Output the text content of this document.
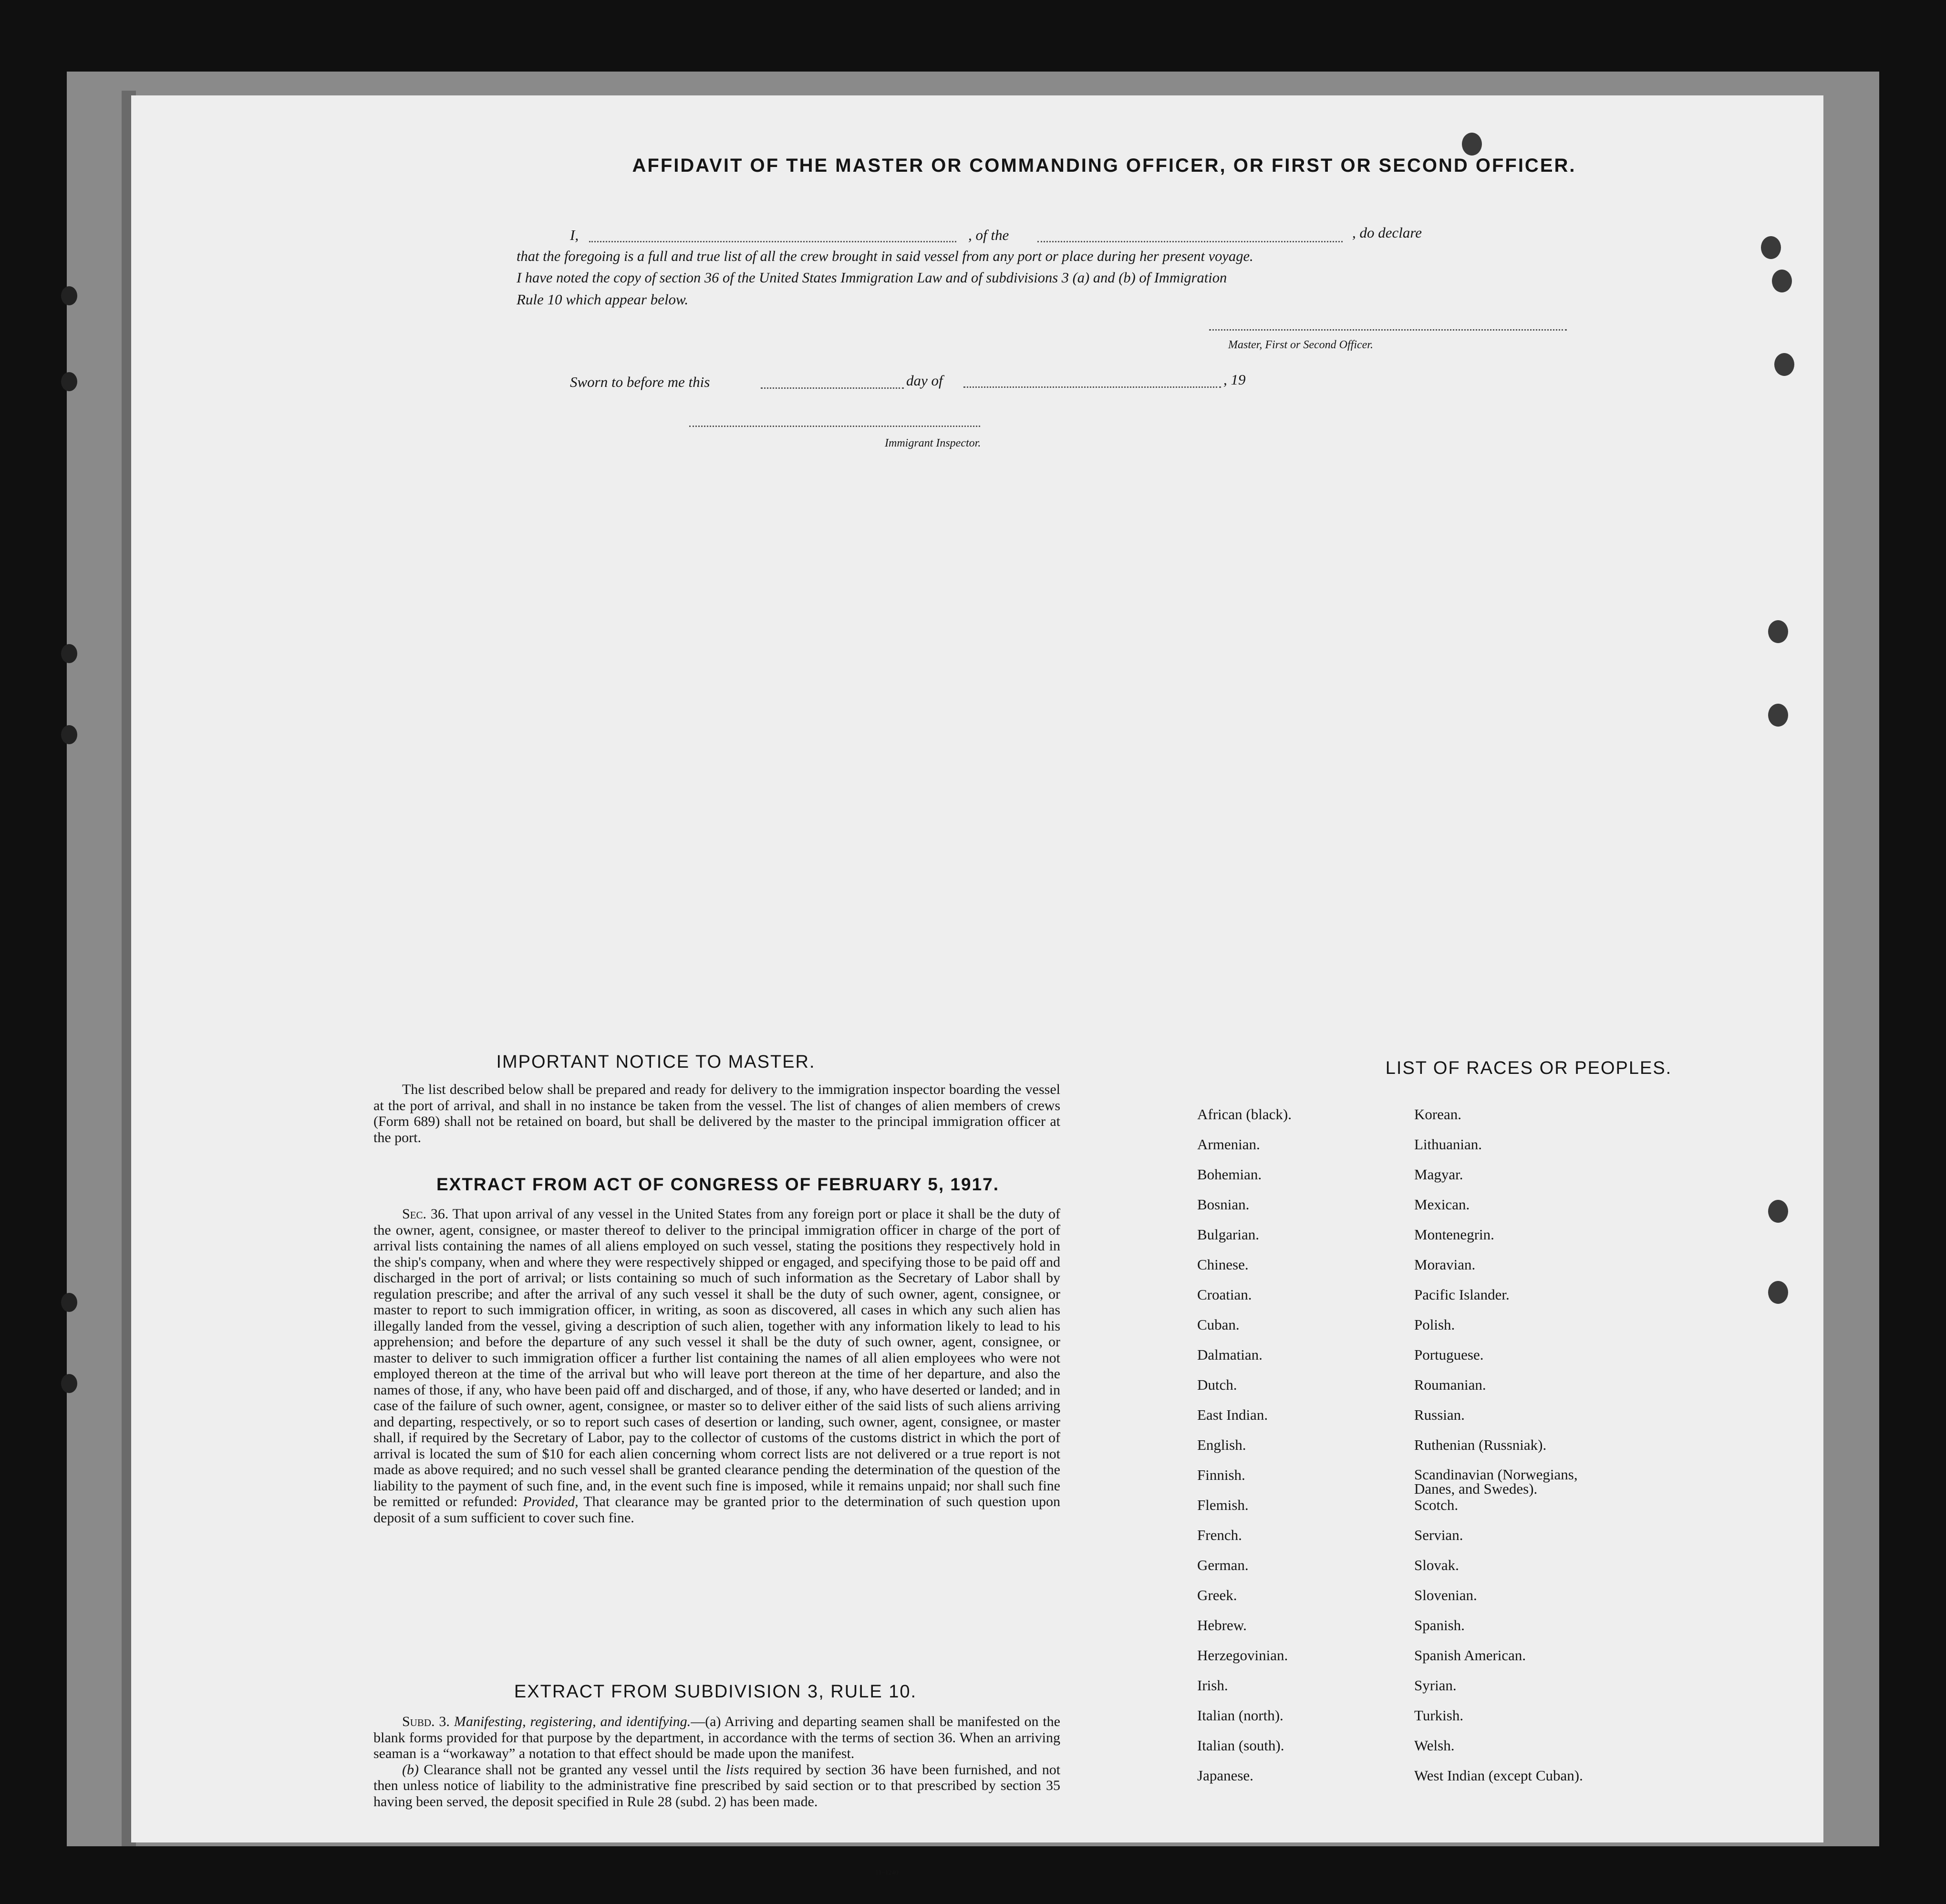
AFFIDAVIT OF THE MASTER OR COMMANDING OFFICER, OR FIRST OR SECOND OFFICER.
I,	, of the	, do declare
that the foregoing is a full and true list of all the crew brought in said vessel from any port or place during her present voyage.
I have noted the copy of section 36 of the United States Immigration Law and of subdivisions 3 (a) and (b) of Immigration
Rule 10 which appear below.
Master, First or Second Officer.
Sworn to before me this	day of	, 19
Immigrant Inspector.
IMPORTANT NOTICE TO MASTER.

The list described below shall be prepared and ready for delivery to the immigration inspector boarding the vessel at the port of arrival, and shall in no instance be taken from the vessel. The list of changes of alien members of crews (Form 689) shall not be retained on board, but shall be delivered by the master to the principal immigration officer at the port.

EXTRACT FROM ACT OF CONGRESS OF FEBRUARY 5, 1917.

Sec. 36. That upon arrival of any vessel in the United States from any foreign port or place it shall be the duty of the owner, agent, consignee, or master thereof to deliver to the principal immigration officer in charge of the port of arrival lists containing the names of all aliens employed on such vessel, stating the positions they respectively hold in the ship's company, when and where they were respectively shipped or engaged, and specifying those to be paid off and discharged in the port of arrival; or lists containing so much of such information as the Secretary of Labor shall by regulation prescribe; and after the arrival of any such vessel it shall be the duty of such owner, agent, consignee, or master to report to such immigration officer, in writing, as soon as discovered, all cases in which any such alien has illegally landed from the vessel, giving a description of such alien, together with any information likely to lead to his apprehension; and before the departure of any such vessel it shall be the duty of such owner, agent, consignee, or master to deliver to such immigration officer a further list containing the names of all alien employees who were not employed thereon at the time of the arrival but who will leave port thereon at the time of her departure, and also the names of those, if any, who have been paid off and discharged, and of those, if any, who have deserted or landed; and in case of the failure of such owner, agent, consignee, or master so to deliver either of the said lists of such aliens arriving and departing, respectively, or so to report such cases of desertion or landing, such owner, agent, consignee, or master shall, if required by the Secretary of Labor, pay to the collector of customs of the customs district in which the port of arrival is located the sum of $10 for each alien concerning whom correct lists are not delivered or a true report is not made as above required; and no such vessel shall be granted clearance pending the determination of the question of the liability to the payment of such fine, and, in the event such fine is imposed, while it remains unpaid; nor shall such fine be remitted or refunded: Provided, That clearance may be granted prior to the determination of such question upon deposit of a sum sufficient to cover such fine.

EXTRACT FROM SUBDIVISION 3, RULE 10.

Subd. 3. Manifesting, registering, and identifying.—(a) Arriving and departing seamen shall be manifested on the blank forms provided for that purpose by the department, in accordance with the terms of section 36. When an arriving seaman is a “workaway” a notation to that effect should be made upon the manifest.

(b) Clearance shall not be granted any vessel until the lists required by section 36 have been furnished, and not then unless notice of liability to the administrative fine prescribed by said section or to that prescribed by section 35 having been served, the deposit specified in Rule 28 (subd. 2) has been made.

11–1240
LIST OF RACES OR PEOPLES.
African (black).
Armenian.
Bohemian.
Bosnian.
Bulgarian.
Chinese.
Croatian.
Cuban.
Dalmatian.
Dutch.
East Indian.
English.
Finnish.
Flemish.
French.
German.
Greek.
Hebrew.
Herzegovinian.
Irish.
Italian (north).
Italian (south).
Japanese.
Korean.
Lithuanian.
Magyar.
Mexican.
Montenegrin.
Moravian.
Pacific Islander.
Polish.
Portuguese.
Roumanian.
Russian.
Ruthenian (Russniak).
Scandinavian (Norwegians, Danes, and Swedes).
Scotch.
Servian.
Slovak.
Slovenian.
Spanish.
Spanish American.
Syrian.
Turkish.
Welsh.
West Indian (except Cuban).
